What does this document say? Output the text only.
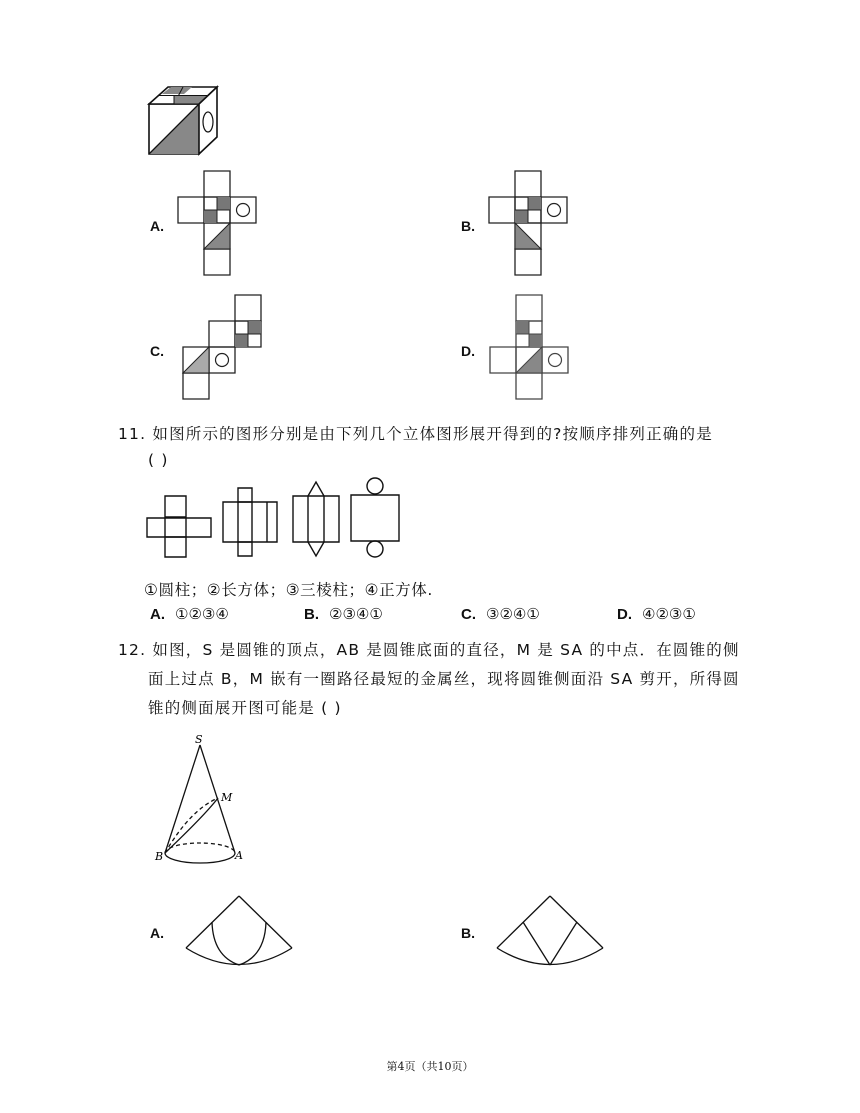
A.	B.
C.	D.
11. 如图所示的图形分别是由下列几个立体图形展开得到的?按顺序排列正确的是
( )
①圆柱；②长方体；③三棱柱；④正方体.
A. ①②③④	B. ②③④①	C. ③②④①	D. ④②③①
12. 如图，S 是圆锥的顶点，AB 是圆锥底面的直径，M 是 SA 的中点．在圆锥的侧
面上过点 B，M 嵌有一圈路径最短的金属丝，现将圆锥侧面沿 SA 剪开，所得圆
锥的侧面展开图可能是 ( )
S
M
B	A
A.	B.
第4页（共10页）
